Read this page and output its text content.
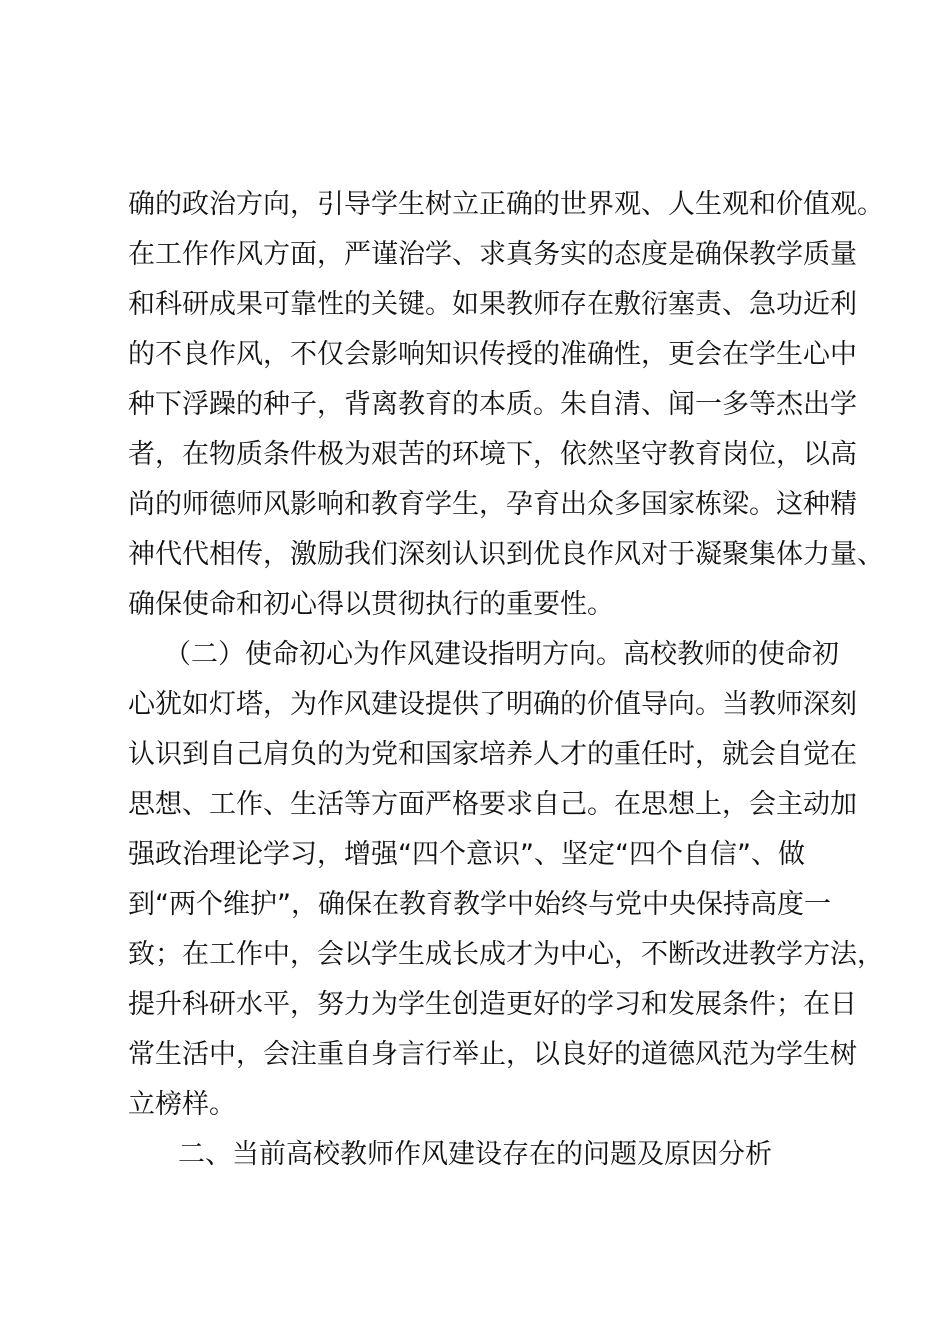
确的政治方向，引导学生树立正确的世界观、人生观和价值观。
在工作作风方面，严谨治学、求真务实的态度是确保教学质量
和科研成果可靠性的关键。如果教师存在敷衍塞责、急功近利
的不良作风，不仅会影响知识传授的准确性，更会在学生心中
种下浮躁的种子，背离教育的本质。朱自清、闻一多等杰出学
者，在物质条件极为艰苦的环境下，依然坚守教育岗位，以高
尚的师德师风影响和教育学生，孕育出众多国家栋梁。这种精
神代代相传，激励我们深刻认识到优良作风对于凝聚集体力量、
确保使命和初心得以贯彻执行的重要性。
（二）使命初心为作风建设指明方向。高校教师的使命初
心犹如灯塔，为作风建设提供了明确的价值导向。当教师深刻
认识到自己肩负的为党和国家培养人才的重任时，就会自觉在
思想、工作、生活等方面严格要求自己。在思想上，会主动加
强政治理论学习，增强“四个意识”、坚定“四个自信”、做
到“两个维护”，确保在教育教学中始终与党中央保持高度一
致；在工作中，会以学生成长成才为中心，不断改进教学方法，
提升科研水平，努力为学生创造更好的学习和发展条件；在日
常生活中，会注重自身言行举止，以良好的道德风范为学生树
立榜样。
二、当前高校教师作风建设存在的问题及原因分析
